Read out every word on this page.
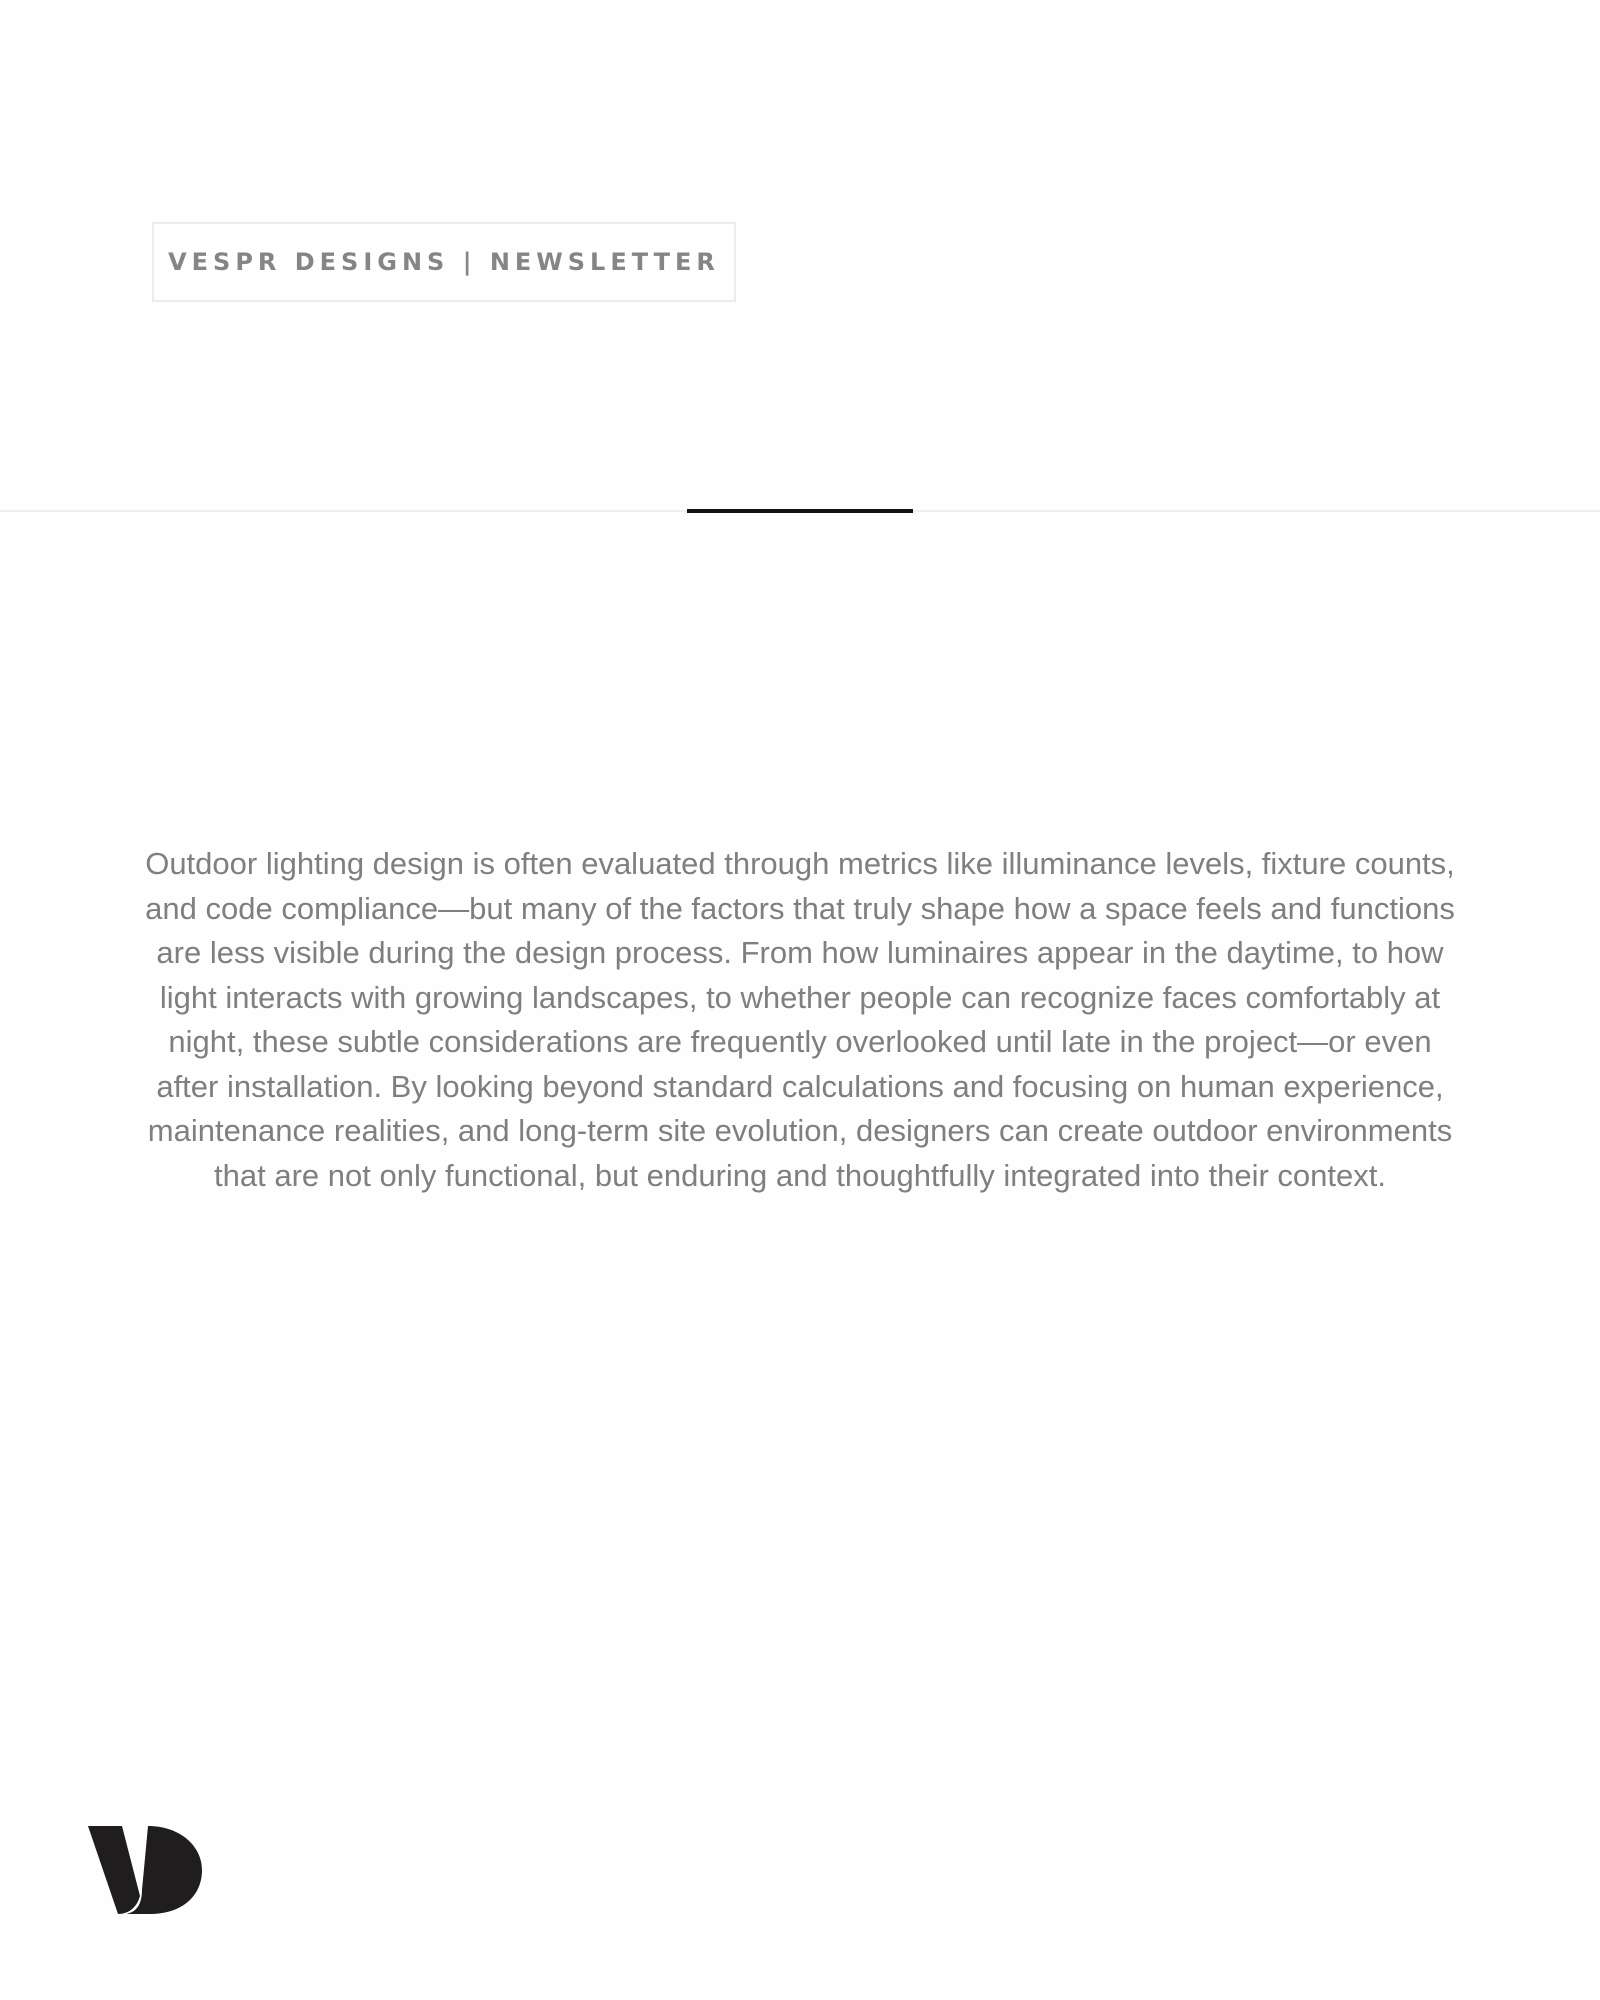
VESPR DESIGNS | NEWSLETTER

Outdoor lighting design is often evaluated through metrics like illuminance levels, fixture counts, and code compliance—but many of the factors that truly shape how a space feels and functions are less visible during the design process. From how luminaires appear in the daytime, to how light interacts with growing landscapes, to whether people can recognize faces comfortably at night, these subtle considerations are frequently overlooked until late in the project—or even after installation. By looking beyond standard calculations and focusing on human experience, maintenance realities, and long-term site evolution, designers can create outdoor environments that are not only functional, but enduring and thoughtfully integrated into their context.
